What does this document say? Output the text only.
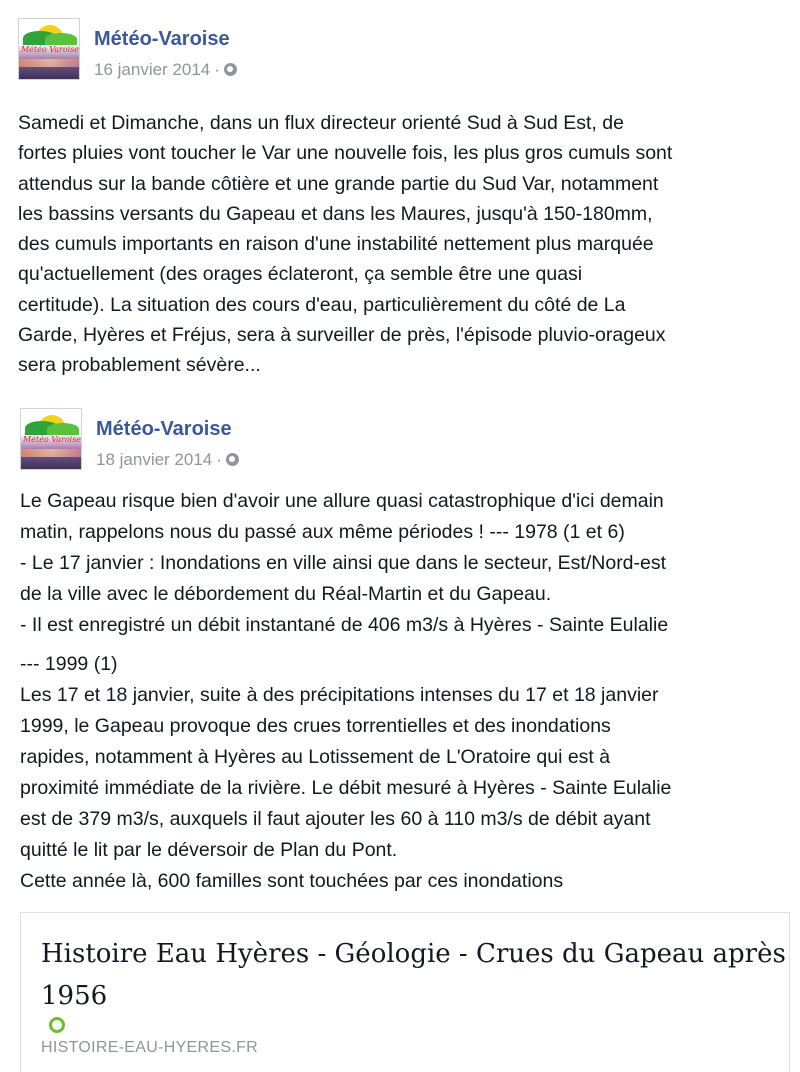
Météo Varoise Météo-Varoise
16 janvier 2014 ·

Samedi et Dimanche, dans un flux directeur orienté Sud à Sud Est, de
fortes pluies vont toucher le Var une nouvelle fois, les plus gros cumuls sont
attendus sur la bande côtière et une grande partie du Sud Var, notamment
les bassins versants du Gapeau et dans les Maures, jusqu'à 150-180mm,
des cumuls importants en raison d'une instabilité nettement plus marquée
qu'actuellement (des orages éclateront, ça semble être une quasi
certitude). La situation des cours d'eau, particulièrement du côté de La
Garde, Hyères et Fréjus, sera à surveiller de près, l'épisode pluvio-orageux
sera probablement sévère...

Météo Varoise Météo-Varoise
18 janvier 2014 ·

Le Gapeau risque bien d'avoir une allure quasi catastrophique d'ici demain
matin, rappelons nous du passé aux même périodes ! --- 1978 (1 et 6)
- Le 17 janvier : Inondations en ville ainsi que dans le secteur, Est/Nord-est
de la ville avec le débordement du Réal-Martin et du Gapeau.
- Il est enregistré un débit instantané de 406 m3/s à Hyères - Sainte Eulalie
--- 1999 (1)
Les 17 et 18 janvier, suite à des précipitations intenses du 17 et 18 janvier
1999, le Gapeau provoque des crues torrentielles et des inondations
rapides, notamment à Hyères au Lotissement de L'Oratoire qui est à
proximité immédiate de la rivière. Le débit mesuré à Hyères - Sainte Eulalie
est de 379 m3/s, auxquels il faut ajouter les 60 à 110 m3/s de débit ayant
quitté le lit par le déversoir de Plan du Pont.
Cette année là, 600 familles sont touchées par ces inondations

Histoire Eau Hyères - Géologie - Crues du Gapeau après
1956

HISTOIRE-EAU-HYERES.FR
